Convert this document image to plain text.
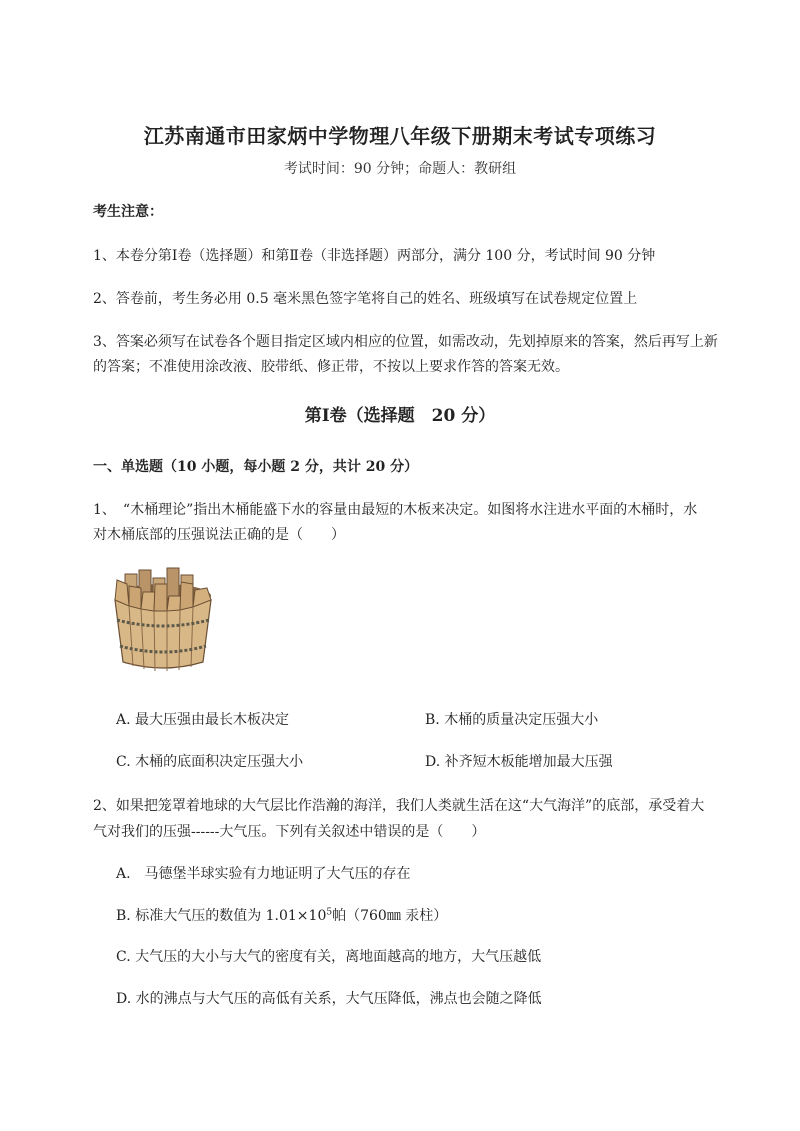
江苏南通市田家炳中学物理八年级下册期末考试专项练习
考试时间：90 分钟；命题人：教研组
考生注意：
1、本卷分第Ⅰ卷（选择题）和第Ⅱ卷（非选择题）两部分，满分 100 分，考试时间 90 分钟
2、答卷前，考生务必用 0.5 毫米黑色签字笔将自己的姓名、班级填写在试卷规定位置上
3、答案必须写在试卷各个题目指定区域内相应的位置，如需改动，先划掉原来的答案，然后再写上新
的答案；不准使用涂改液、胶带纸、修正带，不按以上要求作答的答案无效。
第Ⅰ卷（选择题　20 分）
一、单选题（10 小题，每小题 2 分，共计 20 分）
1、　“木桶理论”指出木桶能盛下水的容量由最短的木板来决定。如图将水注进水平面的木桶时，水
对木桶底部的压强说法正确的是（　　）
A. 最大压强由最长木板决定	B. 木桶的质量决定压强大小
C. 木桶的底面积决定压强大小	D. 补齐短木板能增加最大压强
2、如果把笼罩着地球的大气层比作浩瀚的海洋，我们人类就生活在这“大气海洋”的底部，承受着大
气对我们的压强------大气压。下列有关叙述中错误的是（　　）
A.　马德堡半球实验有力地证明了大气压的存在
B. 标准大气压的数值为 $1.01\times 10^5$帕（760㎜ 汞柱）
C. 大气压的大小与大气的密度有关，离地面越高的地方，大气压越低
D. 水的沸点与大气压的高低有关系，大气压降低，沸点也会随之降低
